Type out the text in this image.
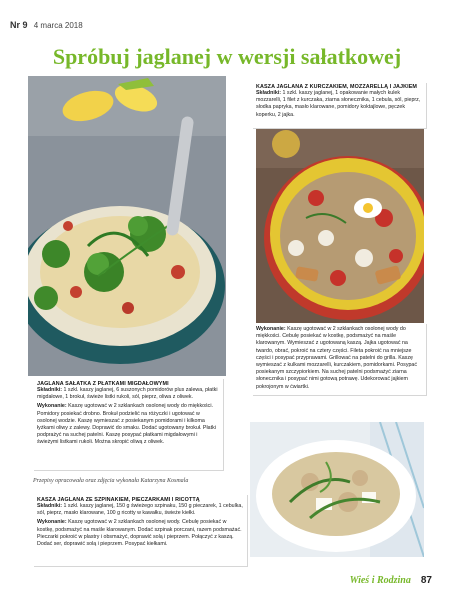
Nr 9 4 marca 2018
Spróbuj jaglanej w wersji sałatkowej
KASZA JAGLANA Z KURCZAKIEM, MOZZARELLĄ I JAJKIEM

Składniki: 1 szkl. kaszy jaglanej, 1 opakowanie małych kulek mozzarelli, 1 filet z kurczaka, ziarna słonecznika, 1 cebula, sól, pieprz, słodka papryka, masło klarowane, pomidory koktajlowe, pęczek koperku, 2 jajka.

Wykonanie: Kaszę ugotować w 2 szklankach osolonej wody do miękkości. Cebulę posiekać w kostkę, podsmażyć na maśle klarowanym. Wymieszać z ugotowaną kaszą. Jajka ugotować na twardo, obrać, pokroić na cztery części. Fileta pokroić na mniejsze części i posypać przyprawami. Grillować na patelni do grilla. Kaszę wymieszać z kulkami mozzarelli, kurczakiem, pomidorkami. Posypać posiekanym szczypiorkiem. Na suchej patelni podsmażyć ziarna słonecznika i posypać nimi gotową potrawę. Udekorować jajkiem pokrojonym w ćwiartki.

JAGLANA SAŁATKA Z PŁATKAMI MIGDAŁOWYMI

Składniki: 1 szkl. kaszy jaglanej, 6 suszonych pomidorów plus zalewa, płatki migdałowe, 1 brokuł, świeże listki rukoli, sól, pieprz, oliwa z oliwek.

Wykonanie: Kaszę ugotować w 2 szklankach osolonej wody do miękkości. Pomidory posiekać drobno. Brokuł podzielić na różyczki i ugotować w osolonej wodzie. Kaszę wymieszać z posiekanym pomidorami i kilkoma łyżkami oliwy z zalewy. Doprawić do smaku. Dodać ugotowany brokuł. Płatki podprażyć na suchej patelni. Kaszę posypać płatkami migdałowymi i świeżymi listkami rukoli. Można skropić oliwą z oliwek.

Przepisy opracowała oraz zdjęcia wykonała Katarzyna Kosmala
KASZA JAGLANA ZE SZPINAKIEM, PIECZARKAMI I RICOTTĄ

Składniki: 1 szkl. kaszy jaglanej, 150 g świeżego szpinaku, 150 g pieczarek, 1 cebulka, sól, pieprz, masło klarowane, 100 g ricotty w kawałku, świeże kiełki.

Wykonanie: Kaszę ugotować w 2 szklankach osolonej wody. Cebulę posiekać w kostkę, podsmażyć na maśle klarowanym. Dodać szpinak porczani, razem podsmażać. Pieczarki pokroić w plastry i obsmażyć, doprawić solą i pieprzem. Połączyć z kaszą. Dodać ser, doprawić solą i pieprzem. Posypać kiełkami.

Wieś i Rodzina 87
